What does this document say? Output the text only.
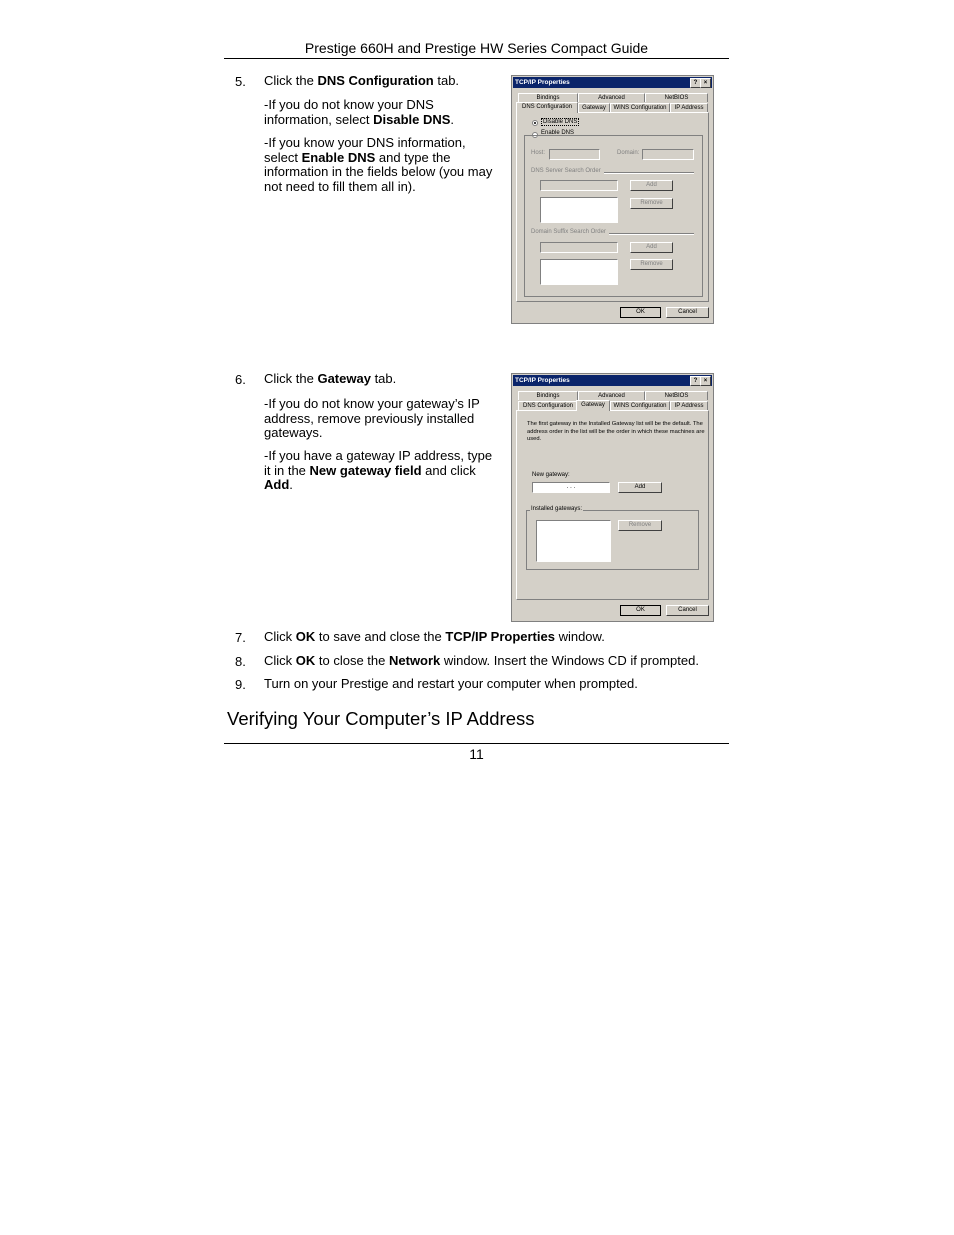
Prestige 660H and Prestige HW Series Compact Guide
5. Click the DNS Configuration tab.
-If you do not know your DNS information, select Disable DNS.
-If you know your DNS information, select Enable DNS and type the information in the fields below (you may not need to fill them all in).
TCP/IP Properties	?	×
Bindings	Advanced	NetBIOS
DNS Configuration	Gateway	WINS Configuration	IP Address
Disable DNS
Enable DNS
Host:	Domain:
DNS Server Search Order
Add
Remove
Domain Suffix Search Order
Add
Remove
OK	Cancel
6. Click the Gateway tab.
-If you do not know your gateway’s IP address, remove previously installed gateways.
-If you have a gateway IP address, type it in the New gateway field and click Add.
TCP/IP Properties	?	×
Bindings	Advanced	NetBIOS
DNS Configuration	Gateway	WINS Configuration	IP Address
The first gateway in the Installed Gateway list will be the default. The address order in the list will be the order in which these machines are used.
New gateway:
. . .	Add
Installed gateways:
Remove
OK	Cancel
7. Click OK to save and close the TCP/IP Properties window.
8. Click OK to close the Network window. Insert the Windows CD if prompted.
9. Turn on your Prestige and restart your computer when prompted.
Verifying Your Computer’s IP Address
11
